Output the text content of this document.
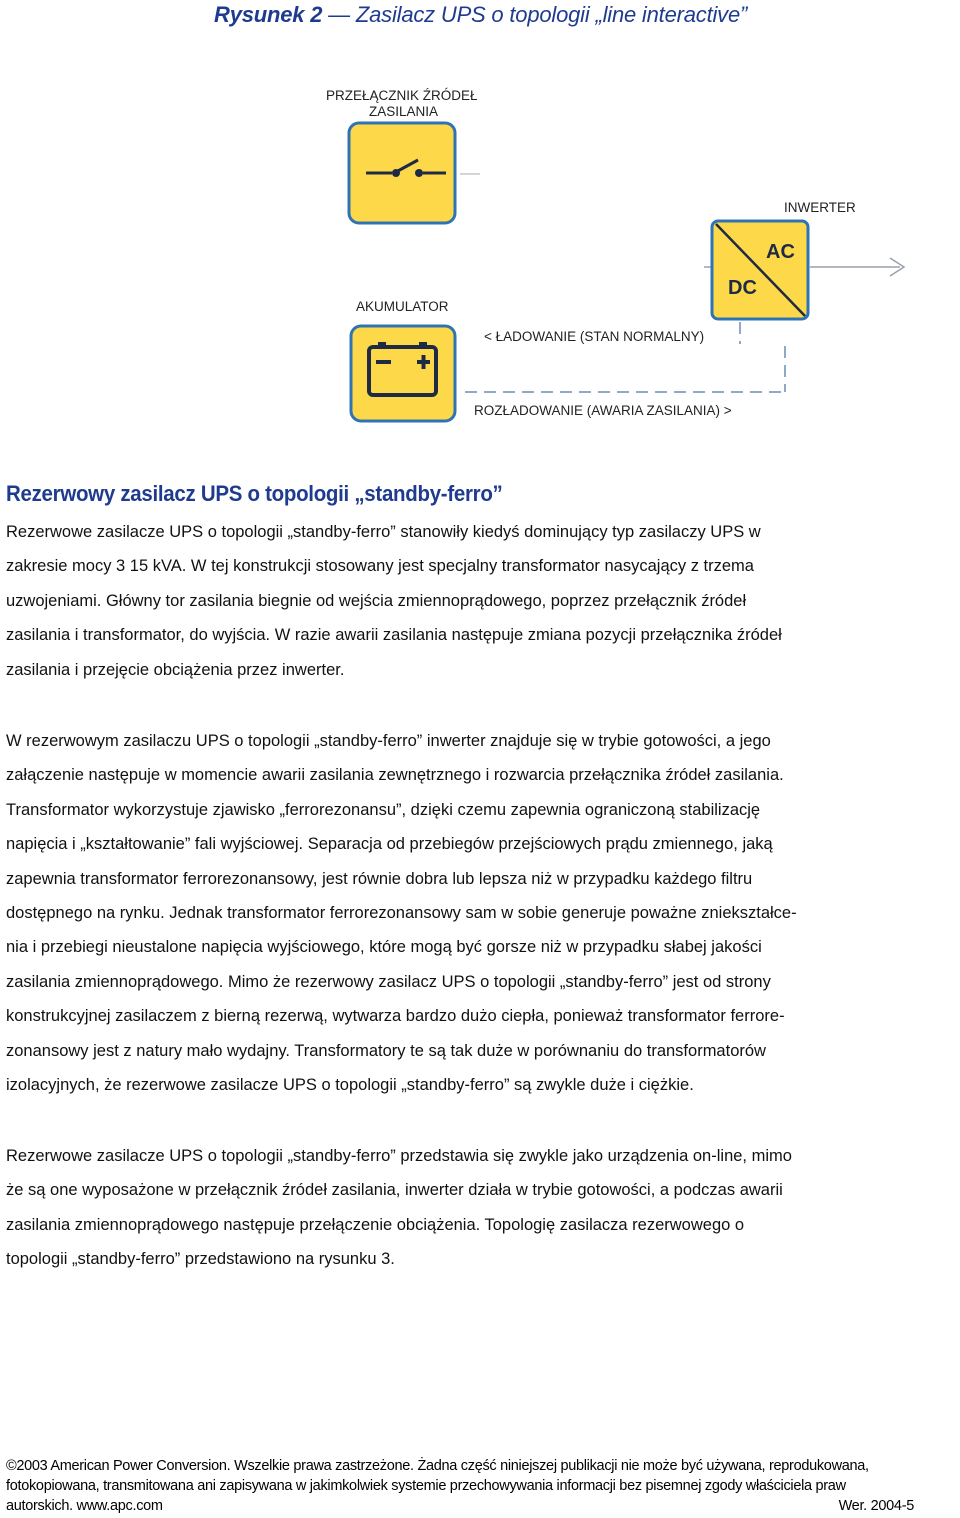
Rysunek 2 — Zasilacz UPS o topologii „line interactive”
PRZEŁĄCZNIK ŹRÓDEŁ
ZASILANIA
INWERTER
AC
DC
AKUMULATOR
< ŁADOWANIE (STAN NORMALNY)
ROZŁADOWANIE (AWARIA ZASILANIA) >
Rezerwowy zasilacz UPS o topologii „standby-ferro”
Rezerwowe zasilacze UPS o topologii „standby-ferro” stanowiły kiedyś dominujący typ zasilaczy UPS w
zakresie mocy 3 15 kVA. W tej konstrukcji stosowany jest specjalny transformator nasycający z trzema
uzwojeniami. Główny tor zasilania biegnie od wejścia zmiennoprądowego, poprzez przełącznik źródeł
zasilania i transformator, do wyjścia. W razie awarii zasilania następuje zmiana pozycji przełącznika źródeł
zasilania i przejęcie obciążenia przez inwerter.
W rezerwowym zasilaczu UPS o topologii „standby-ferro” inwerter znajduje się w trybie gotowości, a jego
załączenie następuje w momencie awarii zasilania zewnętrznego i rozwarcia przełącznika źródeł zasilania.
Transformator wykorzystuje zjawisko „ferrorezonansu”, dzięki czemu zapewnia ograniczoną stabilizację
napięcia i „kształtowanie” fali wyjściowej. Separacja od przebiegów przejściowych prądu zmiennego, jaką
zapewnia transformator ferrorezonansowy, jest równie dobra lub lepsza niż w przypadku każdego filtru
dostępnego na rynku. Jednak transformator ferrorezonansowy sam w sobie generuje poważne zniekształce-
nia i przebiegi nieustalone napięcia wyjściowego, które mogą być gorsze niż w przypadku słabej jakości
zasilania zmiennoprądowego. Mimo że rezerwowy zasilacz UPS o topologii „standby-ferro” jest od strony
konstrukcyjnej zasilaczem z bierną rezerwą, wytwarza bardzo dużo ciepła, ponieważ transformator ferrore-
zonansowy jest z natury mało wydajny. Transformatory te są tak duże w porównaniu do transformatorów
izolacyjnych, że rezerwowe zasilacze UPS o topologii „standby-ferro” są zwykle duże i ciężkie.
Rezerwowe zasilacze UPS o topologii „standby-ferro” przedstawia się zwykle jako urządzenia on-line, mimo
że są one wyposażone w przełącznik źródeł zasilania, inwerter działa w trybie gotowości, a podczas awarii
zasilania zmiennoprądowego następuje przełączenie obciążenia. Topologię zasilacza rezerwowego o
topologii „standby-ferro” przedstawiono na rysunku 3.
©2003 American Power Conversion. Wszelkie prawa zastrzeżone. Żadna część niniejszej publikacji nie może być używana, reprodukowana,
fotokopiowana, transmitowana ani zapisywana w jakimkolwiek systemie przechowywania informacji bez pisemnej zgody właściciela praw
autorskich. www.apc.com	Wer. 2004-5
